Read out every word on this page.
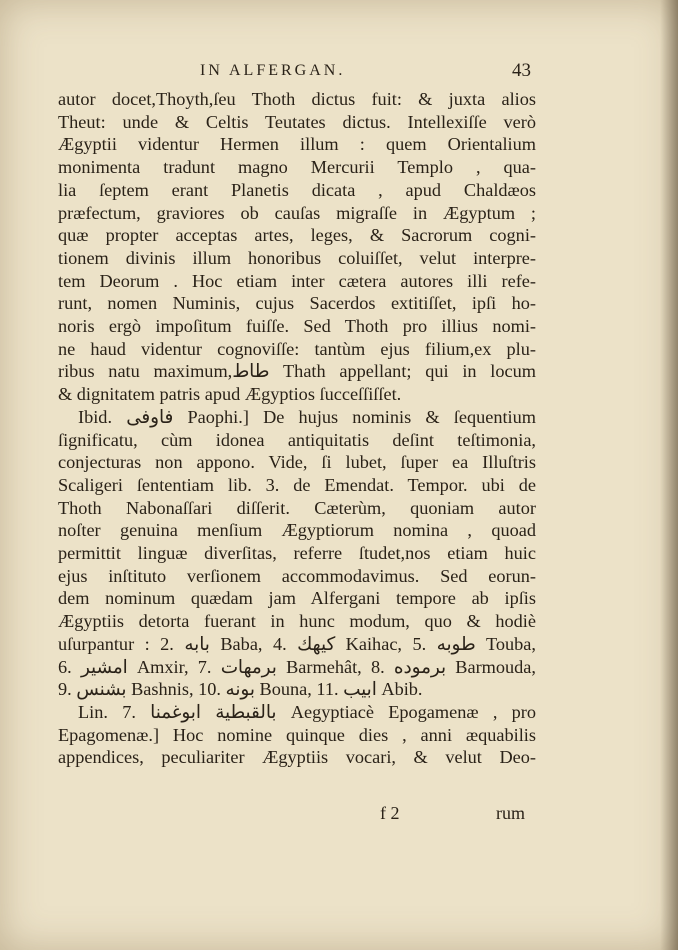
IN ALFERGAN.	43
autor docet,Thoyth,ſeu Thoth dictus fuit: & juxta alios
Theut: unde & Celtis Teutates dictus. Intellexiſſe verò
Ægyptii videntur Hermen illum : quem Orientalium
monimenta tradunt magno Mercurii Templo , qua-
lia ſeptem erant Planetis dicata , apud Chaldæos
præfectum, graviores ob cauſas migraſſe in Ægyptum ;
quæ propter acceptas artes, leges, & Sacrorum cogni-
tionem divinis illum honoribus coluiſſet, velut interpre-
tem Deorum . Hoc etiam inter cætera autores illi refe-
runt, nomen Numinis, cujus Sacerdos extitiſſet, ipſi ho-
noris ergò impoſitum fuiſſe. Sed Thoth pro illius nomi-
ne haud videntur cognoviſſe: tantùm ejus filium,ex plu-
ribus natu maximum,طاط Thath appellant; qui in locum
& dignitatem patris apud Ægyptios ſucceſſiſſet.
Ibid. فاوفى Paophi.] De hujus nominis & ſequentium
ſignificatu, cùm idonea antiquitatis deſint teſtimonia,
conjecturas non appono. Vide, ſi lubet, ſuper ea Illuſtris
Scaligeri ſententiam lib. 3. de Emendat. Tempor. ubi de
Thoth Nabonaſſari diſſerit. Cæterùm, quoniam autor
noſter genuina menſium Ægyptiorum nomina , quoad
permittit linguæ diverſitas, referre ſtudet,nos etiam huic
ejus inſtituto verſionem accommodavimus. Sed eorun-
dem nominum quædam jam Alfergani tempore ab ipſis
Ægyptiis detorta fuerant in hunc modum, quo & hodiè
uſurpantur : 2. بابه Baba, 4. كيهك Kaihac, 5. طوبه Touba,
6. امشير Amxir, 7. برمهات Barmehât, 8. برموده Barmouda,
9. بشنس Bashnis, 10. بونه Bouna, 11. ابيب Abib.
Lin. 7. بالقبطية ابوغمنا Aegyptiacè Epogamenæ , pro
Epagomenæ.] Hoc nomine quinque dies , anni æquabilis
appendices, peculiariter Ægyptiis vocari, & velut Deo-
f 2	rum
